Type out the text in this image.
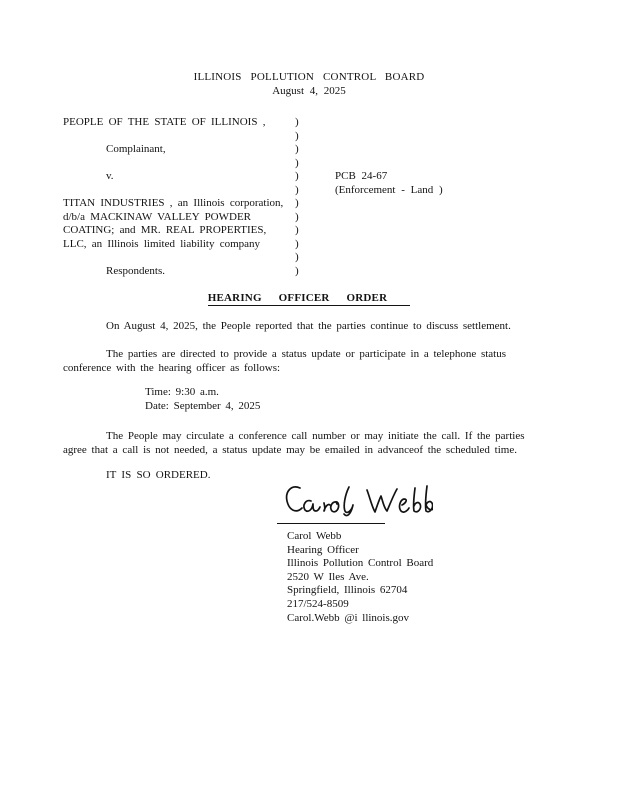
ILLINOIS POLLUTION CONTROL BOARD
August 4, 2025
PEOPLE OF THE STATE OF ILLINOIS ,	)
)
Complainant,	)
)
v.	)	PCB 24-67
)	(Enforcement - Land )
TITAN INDUSTRIES , an Illinois corporation, )
d/b/a MACKINAW VALLEY POWDER	)
COATING; and MR. REAL PROPERTIES,	)
LLC, an Illinois limited liability company	)
)
Respondents.	)
HEARING OFFICER ORDER
On August 4, 2025, the People reported that the parties continue to discuss settlement.
The parties are directed to provide a status update or participate in a telephone status
conference with the hearing officer as follows:
Time: 9:30 a.m.
Date: September 4, 2025
The People may circulate a conference call number or may initiate the call. If the parties
agree that a call is not needed, a status update may be emailed in advanceof the scheduled time.
IT IS SO ORDERED.
Carol Webb
Hearing Officer
Illinois Pollution Control Board
2520 W Iles Ave.
Springfield, Illinois 62704
217/524-8509
Carol.Webb @i llinois.gov
